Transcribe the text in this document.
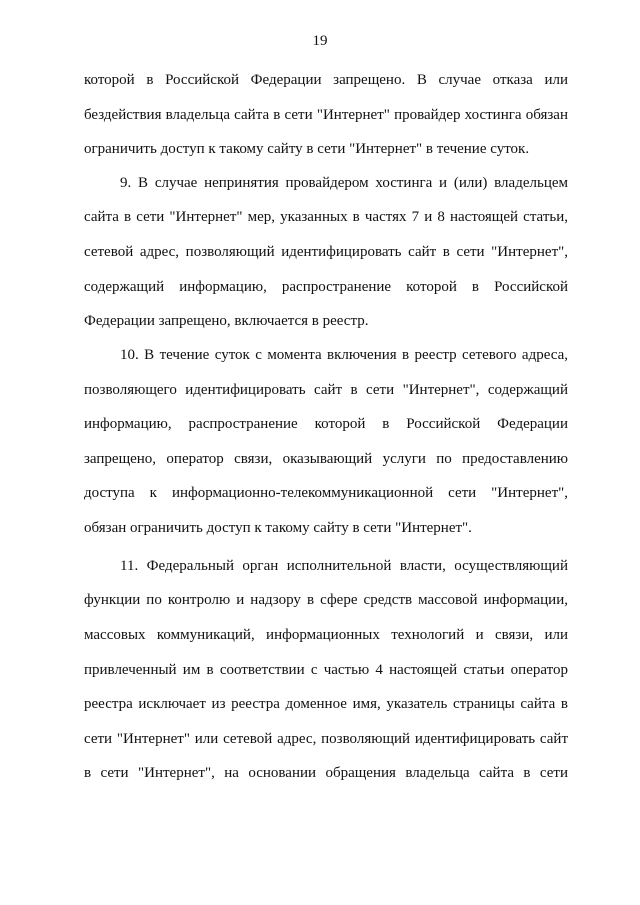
19
которой в Российской Федерации запрещено. В случае отказа или
бездействия владельца сайта в сети "Интернет" провайдер хостинга обязан
ограничить доступ к такому сайту в сети "Интернет" в течение суток.
9. В случае непринятия провайдером хостинга и (или) владельцем
сайта в сети "Интернет" мер, указанных в частях 7 и 8 настоящей статьи,
сетевой адрес, позволяющий идентифицировать сайт в сети "Интернет",
содержащий информацию, распространение которой в Российской
Федерации запрещено, включается в реестр.
10. В течение суток с момента включения в реестр сетевого адреса,
позволяющего идентифицировать сайт в сети "Интернет", содержащий
информацию, распространение которой в Российской Федерации
запрещено, оператор связи, оказывающий услуги по предоставлению
доступа к информационно-телекоммуникационной сети "Интернет",
обязан ограничить доступ к такому сайту в сети "Интернет".
11. Федеральный орган исполнительной власти, осуществляющий
функции по контролю и надзору в сфере средств массовой информации,
массовых коммуникаций, информационных технологий и связи, или
привлеченный им в соответствии с частью 4 настоящей статьи оператор
реестра исключает из реестра доменное имя, указатель страницы сайта в
сети "Интернет" или сетевой адрес, позволяющий идентифицировать сайт
в сети "Интернет", на основании обращения владельца сайта в сети
